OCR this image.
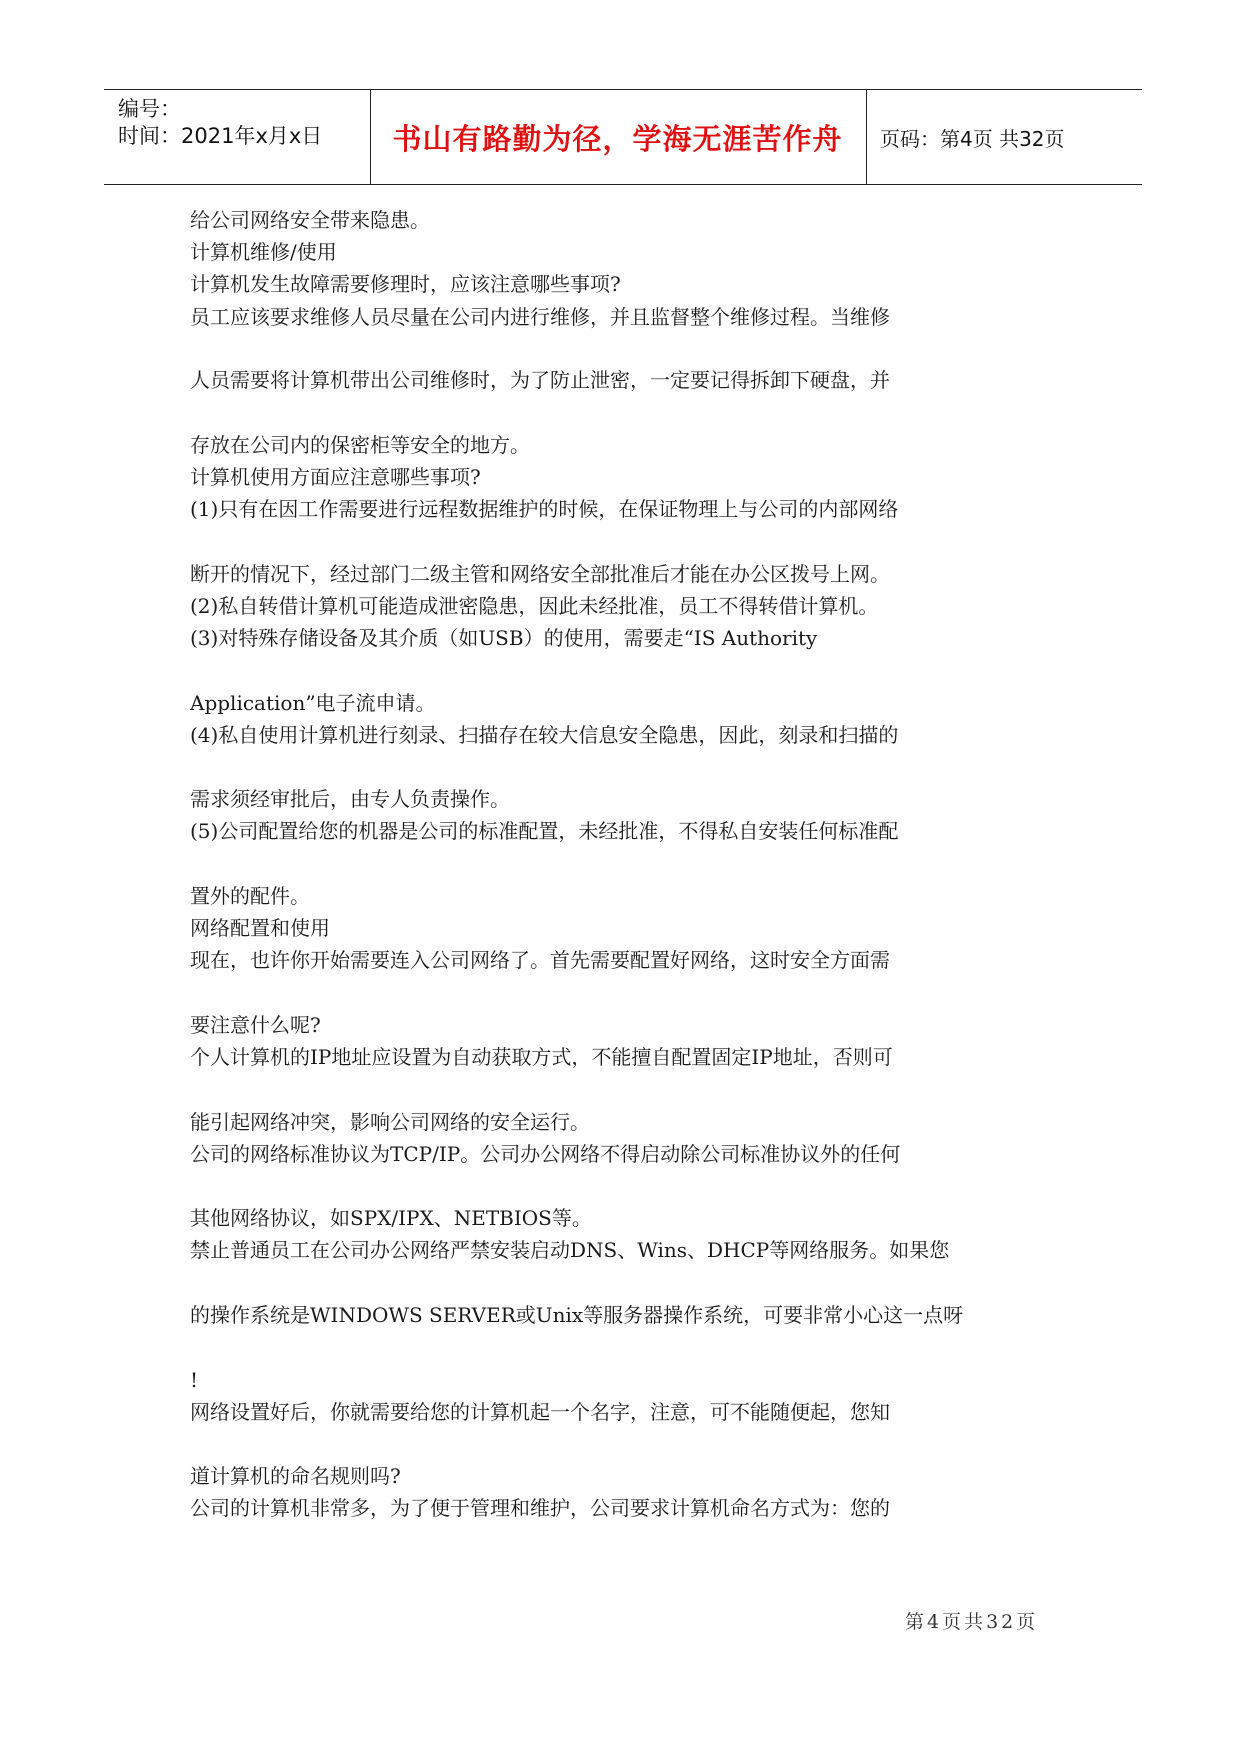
编号：
时间：2021年x月x日 书山有路勤为径，学海无涯苦作舟 页码：第4页 共32页
给公司网络安全带来隐患。
计算机维修/使用
计算机发生故障需要修理时，应该注意哪些事项?
员工应该要求维修人员尽量在公司内进行维修，并且监督整个维修过程。当维修
人员需要将计算机带出公司维修时，为了防止泄密，一定要记得拆卸下硬盘，并
存放在公司内的保密柜等安全的地方。
计算机使用方面应注意哪些事项?
(1)只有在因工作需要进行远程数据维护的时候，在保证物理上与公司的内部网络
断开的情况下，经过部门二级主管和网络安全部批准后才能在办公区拨号上网。
(2)私自转借计算机可能造成泄密隐患，因此未经批准，员工不得转借计算机。
(3)对特殊存储设备及其介质（如USB）的使用，需要走“IS Authority
Application”电子流申请。
(4)私自使用计算机进行刻录、扫描存在较大信息安全隐患，因此，刻录和扫描的
需求须经审批后，由专人负责操作。
(5)公司配置给您的机器是公司的标准配置，未经批准，不得私自安装任何标准配
置外的配件。
网络配置和使用
现在，也许你开始需要连入公司网络了。首先需要配置好网络，这时安全方面需
要注意什么呢?
个人计算机的IP地址应设置为自动获取方式，不能擅自配置固定IP地址，否则可
能引起网络冲突，影响公司网络的安全运行。
公司的网络标准协议为TCP/IP。公司办公网络不得启动除公司标准协议外的任何
其他网络协议，如SPX/IPX、NETBIOS等。
禁止普通员工在公司办公网络严禁安装启动DNS、Wins、DHCP等网络服务。如果您
的操作系统是WINDOWS SERVER或Unix等服务器操作系统，可要非常小心这一点呀
!
网络设置好后，你就需要给您的计算机起一个名字，注意，可不能随便起，您知
道计算机的命名规则吗?
公司的计算机非常多，为了便于管理和维护，公司要求计算机命名方式为：您的
第4页共32页
